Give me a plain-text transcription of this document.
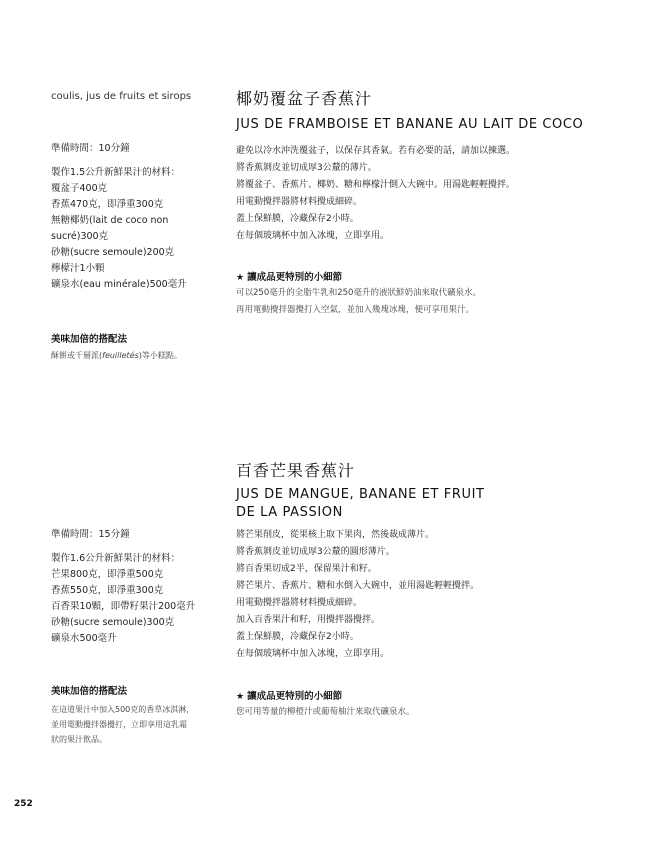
coulis, jus de fruits et sirops	椰奶覆盆子香蕉汁
JUS DE FRAMBOISE ET BANANE AU LAIT DE COCO

準備時間：10分鐘

製作1.5公升新鮮果汁的材料：

覆盆子400克

香蕉470克，即淨重300克

無糖椰奶(lait de coco non

sucré)300克

砂糖(sucre semoule)200克

檸檬汁1小顆

礦泉水(eau minérale)500毫升

美味加倍的搭配法
酥餅或千層派(feuilletés)等小糕點。

避免以冷水沖洗覆盆子，以保存其香氣。若有必要的話，請加以揀選。

將香蕉剝皮並切成厚3公釐的薄片。

將覆盆子、香蕉片、椰奶、糖和檸檬汁倒入大碗中。用湯匙輕輕攪拌。

用電動攪拌器將材料攪成細碎。

蓋上保鮮膜，冷藏保存2小時。

在每個玻璃杯中加入冰塊，立即享用。

★ 讓成品更特別的小細節
可以250毫升的全脂牛乳和250毫升的液狀鮮奶油來取代礦泉水。
再用電動攪拌器攪打入空氣，並加入幾塊冰塊，便可享用果汁。
百香芒果香蕉汁
JUS DE MANGUE, BANANE ET FRUIT
DE LA PASSION

準備時間：15分鐘

製作1.6公升新鮮果汁的材料：

芒果800克，即淨重500克

香蕉550克，即淨重300克

百香果10顆，即帶籽果汁200毫升

砂糖(sucre semoule)300克

礦泉水500毫升

美味加倍的搭配法
在這道果汁中加入500克的香草冰淇淋，
並用電動攪拌器攪打，立即享用這乳霜
狀的果汁飲品。

將芒果削皮，從果核上取下果肉，然後裁成薄片。

將香蕉剝皮並切成厚3公釐的圓形薄片。

將百香果切成2半，保留果汁和籽。

將芒果片、香蕉片、糖和水倒入大碗中，並用湯匙輕輕攪拌。

用電動攪拌器將材料攪成細碎。

加入百香果汁和籽，用攪拌器攪拌。

蓋上保鮮膜，冷藏保存2小時。

在每個玻璃杯中加入冰塊，立即享用。

★ 讓成品更特別的小細節
您可用等量的柳橙汁或葡萄柚汁來取代礦泉水。
252
